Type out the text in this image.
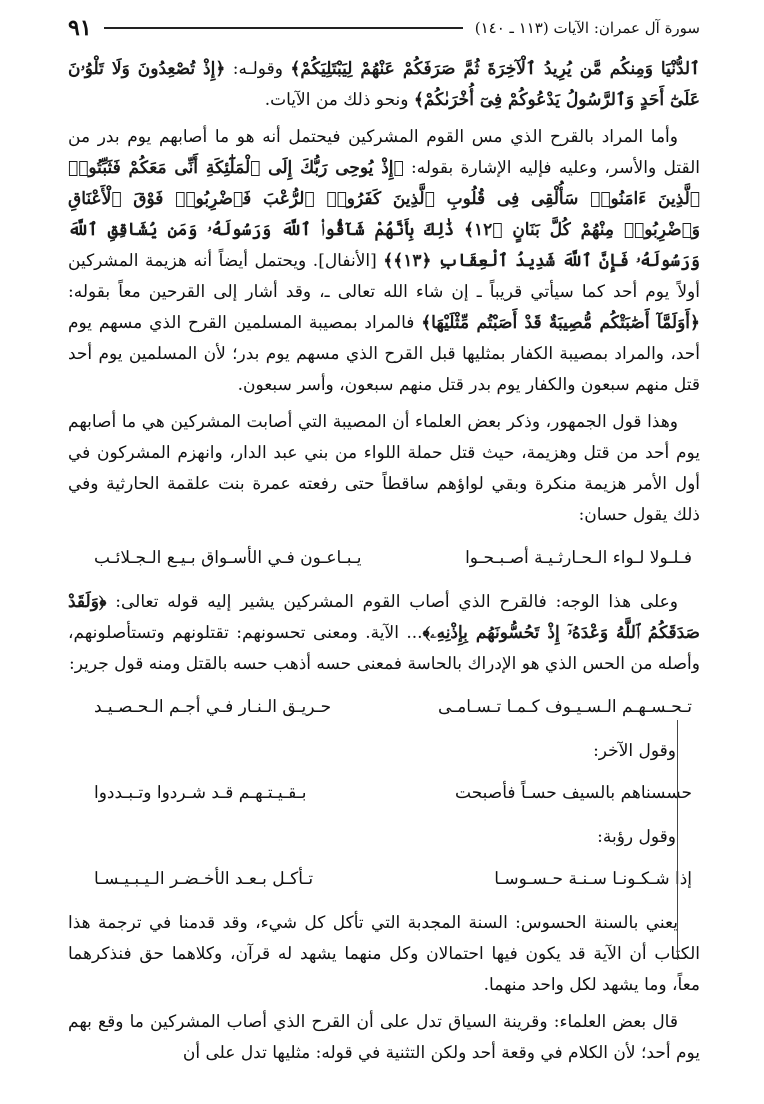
سورة آل عمران: الآيات (١١٣ ـ ١٤٠)
٩١

ٱلدُّنْيَا وَمِنكُم مَّن يُرِيدُ ٱلْآخِرَةَ ثُمَّ صَرَفَكُمْ عَنْهُمْ لِيَبْتَلِيَكُمْ﴾ وقولـه: ﴿إِذْ تُصْعِدُونَ وَلَا تَلْوُۥنَ عَلَىٰٓ أَحَدٍ وَٱلرَّسُولُ يَدْعُوكُمْ فِىٓ أُخْرَىٰكُمْ﴾ ونحو ذلك من الآيات.

وأما المراد بالقرح الذي مس القوم المشركين فيحتمل أنه هو ما أصابهم يوم بدر من القتل والأسر، وعليه فإليه الإشارة بقوله: ﴿إِذْ يُوحِى رَبُّكَ إِلَى ٱلْمَلَٰٓئِكَةِ أَنِّى مَعَكُمْ فَثَبِّتُوا۟ ٱلَّذِينَ ءَامَنُوا۟ سَأُلْقِى فِى قُلُوبِ ٱلَّذِينَ كَفَرُوا۟ ٱلرُّعْبَ فَٱضْرِبُوا۟ فَوْقَ ٱلْأَعْنَاقِ وَٱضْرِبُوا۟ مِنْهُمْ كُلَّ بَنَانٍ ﴿١٢﴾ ذَٰلِكَ بِأَنَّهُمْ شَآقُّوا۟ ٱللَّهَ وَرَسُولَهُۥ وَمَن يُشَاقِقِ ٱللَّهَ وَرَسُولَهُۥ فَإِنَّ ٱللَّهَ شَدِيدُ ٱلْعِقَابِ ﴿١٣﴾﴾ [الأنفال]. ويحتمل أيضاً أنه هزيمة المشركين أولاً يوم أحد كما سيأتي قريباً ـ إن شاء الله تعالى ـ، وقد أشار إلى القرحين معاً بقوله: ﴿أَوَلَمَّآ أَصَٰبَتْكُم مُّصِيبَةٌ قَدْ أَصَبْتُم مِّثْلَيْهَا﴾ فالمراد بمصيبة المسلمين القرح الذي مسهم يوم أحد، والمراد بمصيبة الكفار بمثليها قبل القرح الذي مسهم يوم بدر؛ لأن المسلمين يوم أحد قتل منهم سبعون والكفار يوم بدر قتل منهم سبعون، وأسر سبعون.

وهذا قول الجمهور، وذكر بعض العلماء أن المصيبة التي أصابت المشركين هي ما أصابهم يوم أحد من قتل وهزيمة، حيث قتل حملة اللواء من بني عبد الدار، وانهزم المشركون في أول الأمر هزيمة منكرة وبقي لواؤهم ساقطاً حتى رفعته عمرة بنت علقمة الحارثية وفي ذلك يقول حسان:

فـلـولا لـواء الـحـارثـيـة أصـبـحـوا
يـبـاعـون فـي الأسـواق بـيـع الـجـلائـب

وعلى هذا الوجه: فالقرح الذي أصاب القوم المشركين يشير إليه قوله تعالى: ﴿وَلَقَدْ صَدَقَكُمُ ٱللَّهُ وَعْدَهُۥٓ إِذْ تَحُسُّونَهُم بِإِذْنِهِۦ﴾... الآية. ومعنى تحسونهم: تقتلونهم وتستأصلونهم، وأصله من الحس الذي هو الإدراك بالحاسة فمعنى حسه أذهب حسه بالقتل ومنه قول جرير:

تـحـسـهـم الـسـيـوف كـمـا تـسـامـى
حـريـق الـنـار فـي أجـم الـحـصـيـد
وقول الآخر:
حسسناهم بالسيف حسـاً فأصبحت
بـقـيـتـهـم قـد شـردوا وتـبـددوا
وقول رؤبة:
إذا شـكـونـا سـنـة حـسـوسـا
تـأكـل بـعـد الأخـضـر الـيـبـيـسـا

يعني بالسنة الحسوس: السنة المجدبة التي تأكل كل شيء، وقد قدمنا في ترجمة هذا الكتاب أن الآية قد يكون فيها احتمالان وكل منهما يشهد له قرآن، وكلاهما حق فنذكرهما معاً، وما يشهد لكل واحد منهما.

قال بعض العلماء: وقرينة السياق تدل على أن القرح الذي أصاب المشركين ما وقع بهم يوم أحد؛ لأن الكلام في وقعة أحد ولكن التثنية في قوله: مثليها تدل على أن
